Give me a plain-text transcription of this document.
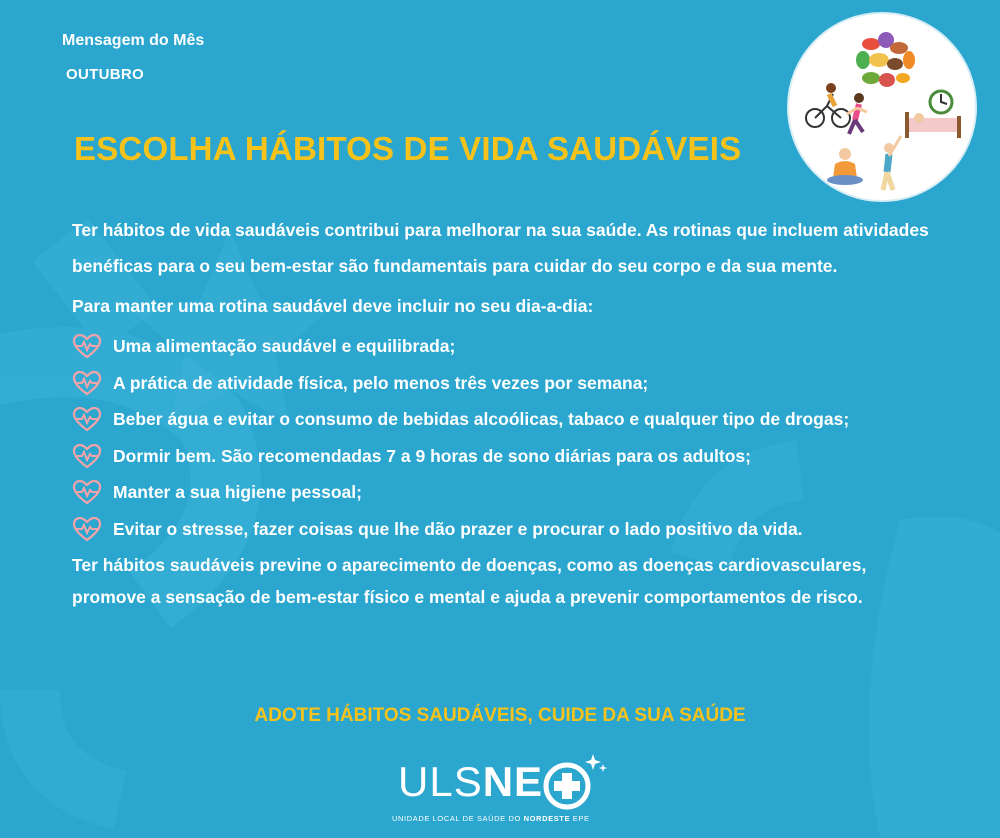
Mensagem do Mês
OUTUBRO
ESCOLHA HÁBITOS DE VIDA SAUDÁVEIS

Ter hábitos de vida saudáveis contribui para melhorar na sua saúde. As rotinas que incluem atividades benéficas para o seu bem-estar são fundamentais para cuidar do seu corpo e da sua mente.

Para manter uma rotina saudável deve incluir no seu dia-a-dia:

Uma alimentação saudável e equilibrada;
A prática de atividade física, pelo menos três vezes por semana;
Beber água e evitar o consumo de bebidas alcoólicas, tabaco e qualquer tipo de drogas;
Dormir bem. São recomendadas 7 a 9 horas de sono diárias para os adultos;
Manter a sua higiene pessoal;
Evitar o stresse, fazer coisas que lhe dão prazer e procurar o lado positivo da vida.

Ter hábitos saudáveis previne o aparecimento de doenças, como as doenças cardiovasculares, promove a sensação de bem-estar físico e mental e ajuda a prevenir comportamentos de risco.

ADOTE HÁBITOS SAUDÁVEIS, CUIDE DA SUA SAÚDE
ULSNE
UNIDADE LOCAL DE SAÚDE DO NORDESTE EPE
